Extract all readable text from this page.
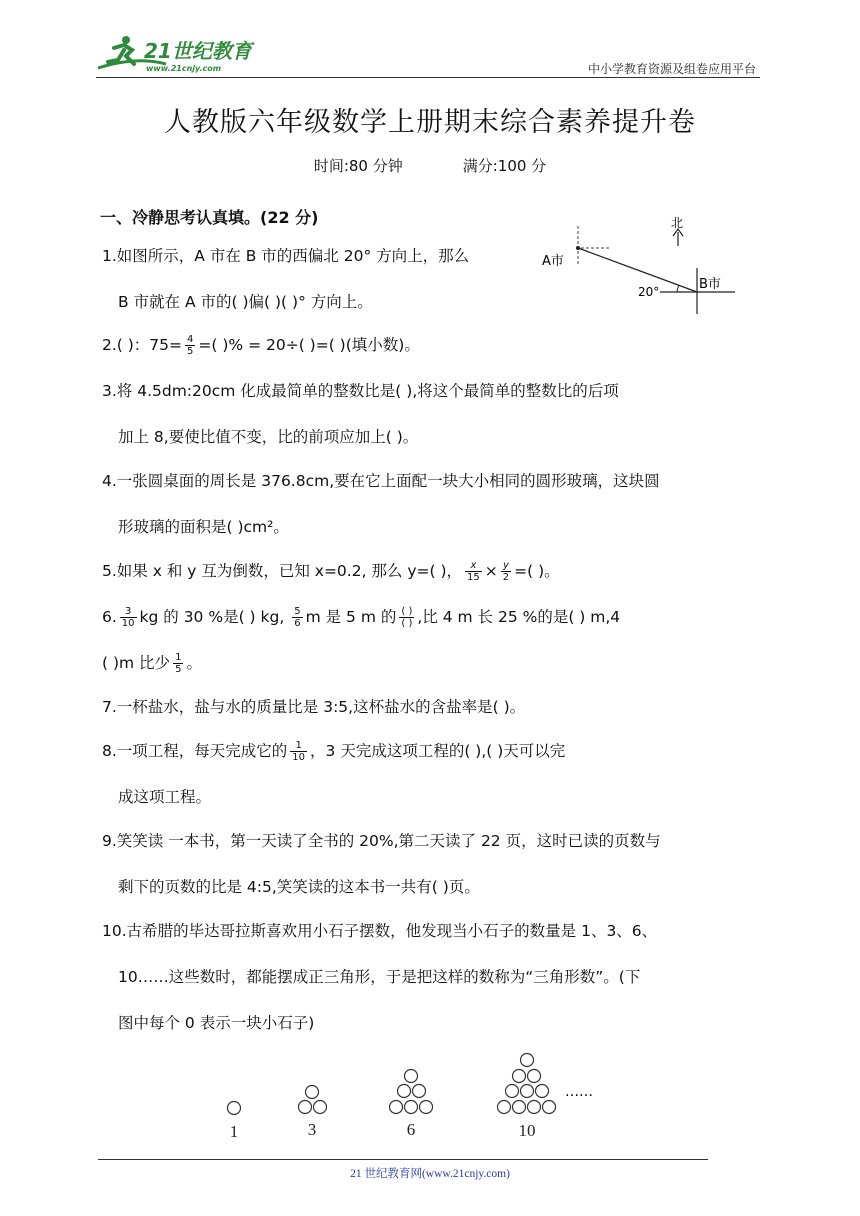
21世纪教育
www.21cnjy.com	中小学教育资源及组卷应用平台
人教版六年级数学上册期末综合素养提升卷
时间:80 分钟	满分:100 分
一、冷静思考认真填。(22 分)	北
A市
20°	B市
1.如图所示，A 市在 B 市的西偏北 20° 方向上，那么
B 市就在 A 市的( )偏( )( )° 方向上。
2.( )：$75= \frac{4}{5}$ =( )% = 20÷( )=( )(填小数)。
3.将 4.5dm:20cm 化成最简单的整数比是( ),将这个最简单的整数比的后项
加上 8,要使比值不变，比的前项应加上( )。
4.一张圆桌面的周长是 376.8cm,要在它上面配一块大小相同的圆形玻璃，这块圆
形玻璃的面积是( )cm²。
5.如果 x 和 y 互为倒数，已知 x=0.2, 那么 y=( )， $\frac{x}{15} \times \frac{y}{2}$ =( )。
6. $\frac{3}{10}$ kg 的 30 %是( ) kg, $\frac{5}{6}$ m 是 5 m 的 $\frac{( )}{( )}$ ,比 4 m 长 25 %的是( ) m,4
( )m 比少 $\frac{1}{5}$ 。
7.一杯盐水，盐与水的质量比是 3:5,这杯盐水的含盐率是( )。
8.一项工程，每天完成它的 $\frac{1}{10}$ ，3 天完成这项工程的( ),( )天可以完
成这项工程。
9.笑笑读 一本书，第一天读了全书的 20%,第二天读了 22 页，这时已读的页数与
剩下的页数的比是 4:5,笑笑读的这本书一共有( )页。
10.古希腊的毕达哥拉斯喜欢用小石子摆数，他发现当小石子的数量是 1、3、6、
10……这些数时，都能摆成正三角形，于是把这样的数称为“三角形数”。(下
图中每个 0 表示一块小石子)
……
1	3	6	10
21 世纪教育网(www.21cnjy.com)
